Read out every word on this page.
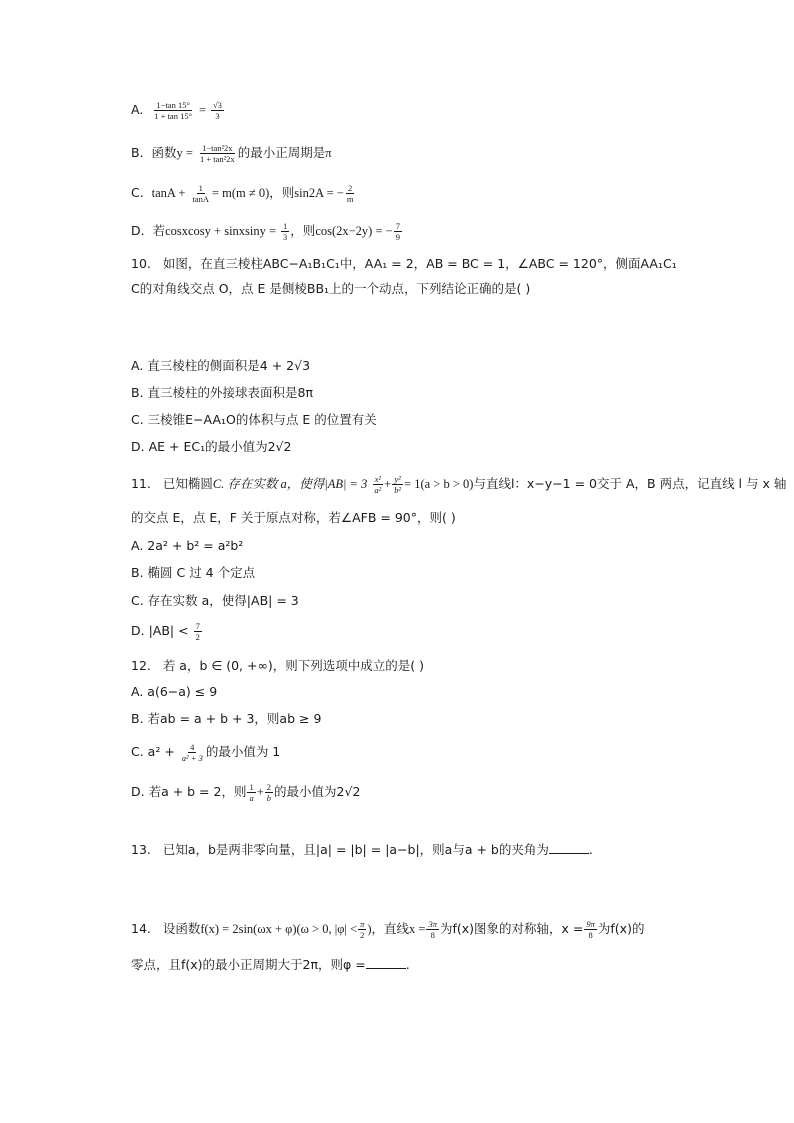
A. $\frac{1-\tan 15^\circ}{1 + \tan 15^\circ} = \frac{√3}{3}$
B. 函数$y = \frac{\text{1−tan²2x}}{\text{1 + tan²2x}}$ 的最小正周期是π
C. $\tan A + \frac{1}{\tan A} = m(m \ne 0)$，则sin2A = − $\frac{2}{m}$
D. 若cosxcosy + sinxsiny = $\frac{1}{3}$ ，则cos(2x−2y) = − $\frac{7}{9}$
10. 如图，在直三棱柱ABC−A₁B₁C₁中，AA₁ = 2，AB = BC = 1，∠ABC = 120°，侧面AA₁C₁
C的对角线交点 O，点 E 是侧棱BB₁上的一个动点，下列结论正确的是( )
A. 直三棱柱的侧面积是4 + 2√3
B. 直三棱柱的外接球表面积是8π
C. 三棱锥E−AA₁O的体积与点 E 的位置有关
D. AE + EC₁的最小值为2√2
11. 已知椭圆C. 存在实数 a，使得$|AB| = 3 \frac{\text{x²}}{\text{a²}} + \frac{\text{y²}}{\text{b²}} = 1(a > b > 0)$与直线l：x−y−1 = 0交于 A，B 两点，记直线 l 与 x 轴
的交点 E，点 E，F 关于原点对称，若∠AFB = 90°，则( )
A. 2a² + b² = a²b²
B. 椭圆 C 过 4 个定点
C. 存在实数 a，使得|AB| = 3
D. $|AB| < \frac{7}{2}$
12. 若 a，b ∈ (0, +∞)，则下列选项中成立的是( )
A. a(6−a) ≤ 9
B. 若ab = a + b + 3，则ab ≥ 9
C. $a^2 + \frac{4}{\text{a² + 3}}$ 的最小值为 1
D. 若a + b = 2，则 $\frac{1}{a} + \frac{2}{b}$ 的最小值为2√2
13. 已知a，b是两非零向量，且|a| = |b| = |a−b|，则a与a + b的夹角为	.
14. 设函数f(x) = 2sin(ωx + φ)(ω > 0, $|\varphi| < \frac{\pi}{2}$ )，直线$x = \frac{3\pi}{8}$ 为f(x)图象的对称轴，$x = \frac{9\pi}{8}$ 为f(x)的
零点，且f(x)的最小正周期大于2π，则φ =	.
